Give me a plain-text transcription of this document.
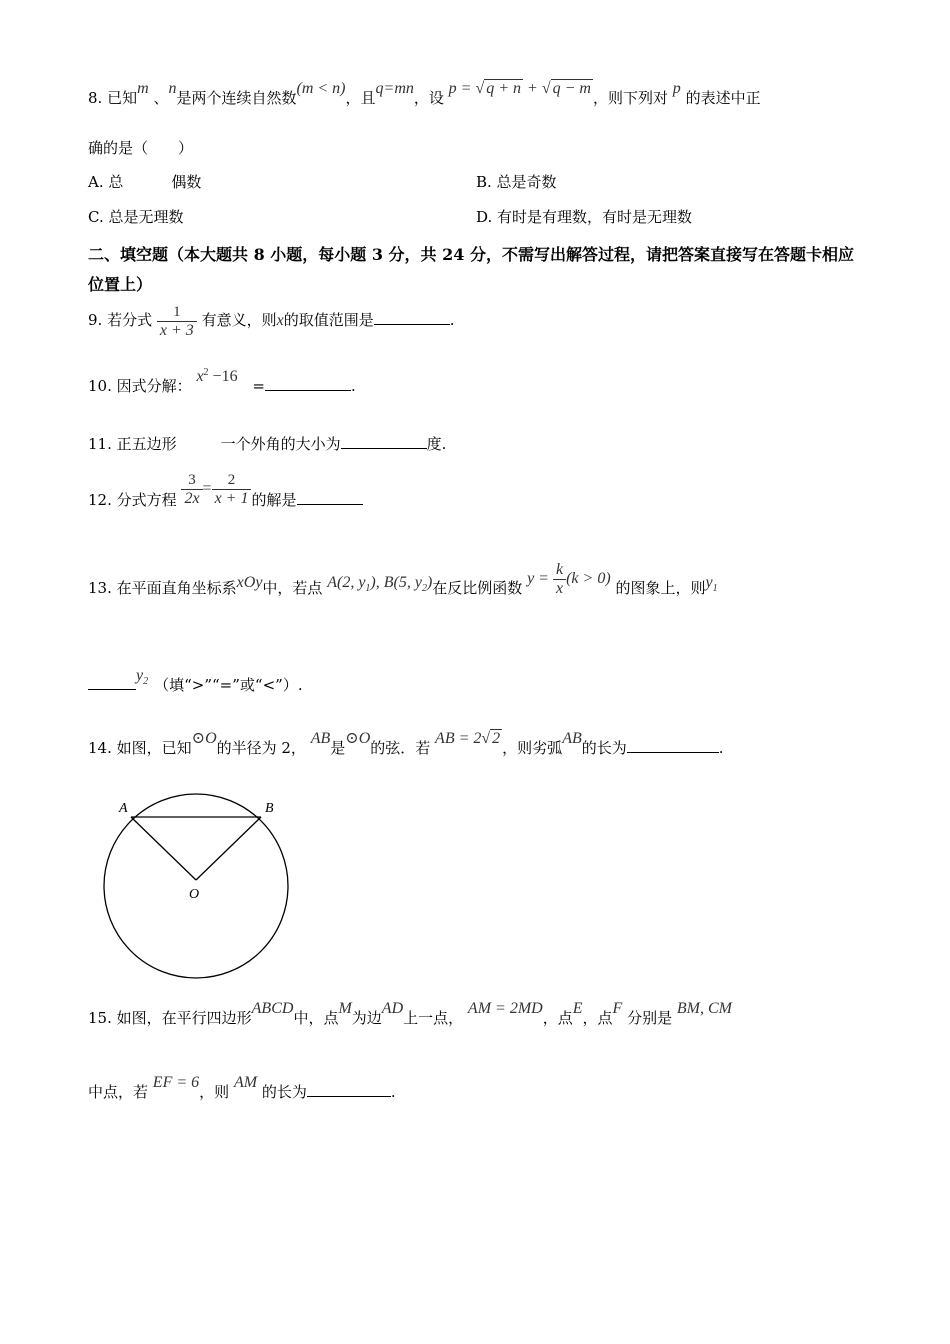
8. 已知m 、n是两个连续自然数(m < n)，且q=mn，设 p = √ q + n + √ q − m，则下列对 p 的表述中正
确的是（　　）
A. 总	偶数	B. 总是奇数
C. 总是无理数	D. 有时是有理数，有时是无理数
二、填空题（本大题共 8 小题，每小题 3 分，共 24 分，不需写出解答过程，请把答案直接写在答题卡相应位置上）
9. 若分式 $\frac{1}{x + 3}$ 有意义，则x的取值范围是	.
10. 因式分解： $x^2 -16$ =	.
11. 正五边形	一个外角的大小为	度.
12. 分式方程 $\frac{3}{2x} = \frac{2}{x + 1}$ 的解是
13. 在平面直角坐标系xOy中，若点 A(2, $y_1$), B(5, $y_2$)在反比例函数 $y = \frac{k}{x} (k > 0)$ 的图象上，则$y_1$
$y_2$ （填“>”“=”或“<”）.
14. 如图，已知⊙O的半径为 2， AB是⊙O的弦．若 AB = 2√ 2，则劣弧AB的长为	.
A	B
O
15. 如图，在平行四边形ABCD中，点M为边AD上一点， AM = 2MD，点E，点F 分别是 BM, CM
中点，若 EF = 6，则 AM 的长为	.
